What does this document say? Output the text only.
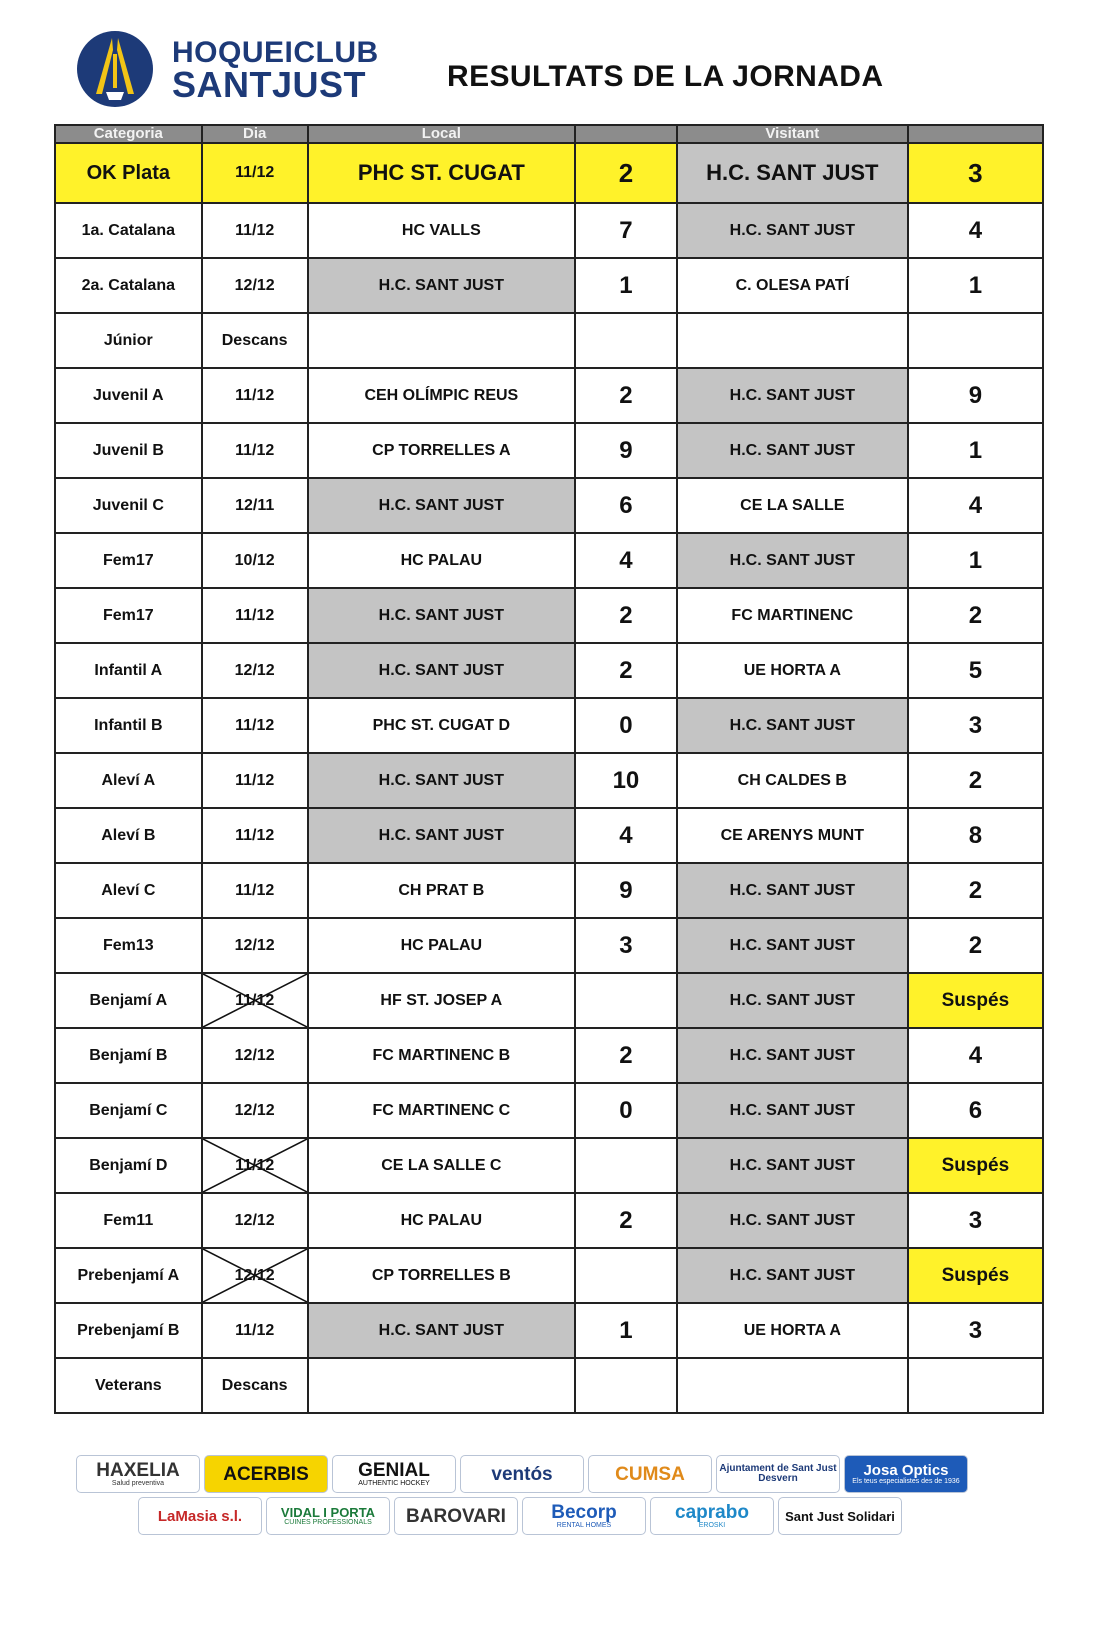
HOQUEICLUB
SANTJUST	RESULTATS DE LA JORNADA
Categoria	Dia	Local		Visitant	
OK Plata	11/12	PHC ST. CUGAT	2	H.C. SANT JUST	3
1a. Catalana	11/12	HC VALLS	7	H.C. SANT JUST	4
2a. Catalana	12/12	H.C. SANT JUST	1	C. OLESA PATÍ	1
Júnior	Descans				
Juvenil A	11/12	CEH OLÍMPIC REUS	2	H.C. SANT JUST	9
Juvenil B	11/12	CP TORRELLES A	9	H.C. SANT JUST	1
Juvenil C	12/11	H.C. SANT JUST	6	CE LA SALLE	4
Fem17	10/12	HC PALAU	4	H.C. SANT JUST	1
Fem17	11/12	H.C. SANT JUST	2	FC MARTINENC	2
Infantil A	12/12	H.C. SANT JUST	2	UE HORTA A	5
Infantil B	11/12	PHC ST. CUGAT D	0	H.C. SANT JUST	3
Aleví A	11/12	H.C. SANT JUST	10	CH CALDES B	2
Aleví B	11/12	H.C. SANT JUST	4	CE ARENYS MUNT	8
Aleví C	11/12	CH PRAT B	9	H.C. SANT JUST	2
Fem13	12/12	HC PALAU	3	H.C. SANT JUST	2
Benjamí A	11/12	HF ST. JOSEP A		H.C. SANT JUST	Suspés
Benjamí B	12/12	FC MARTINENC B	2	H.C. SANT JUST	4
Benjamí C	12/12	FC MARTINENC C	0	H.C. SANT JUST	6
Benjamí D	11/12	CE LA SALLE C		H.C. SANT JUST	Suspés
Fem11	12/12	HC PALAU	2	H.C. SANT JUST	3
Prebenjamí A	12/12	CP TORRELLES B		H.C. SANT JUST	Suspés
Prebenjamí B	11/12	H.C. SANT JUST	1	UE HORTA A	3
Veterans	Descans				
HAXELIA
Salud preventiva	ACERBIS	GENIAL
AUTHENTIC HOCKEY	ventós	CUMSA	Ajuntament de Sant Just Desvern	Josa Optics
Els teus especialistes des de 1936
LaMasia s.l.	VIDAL I PORTA
CUINES PROFESSIONALS BAROVARI Becorp
RENTAL HOMES
caprabo
EROSKI
Sant Just Solidari
